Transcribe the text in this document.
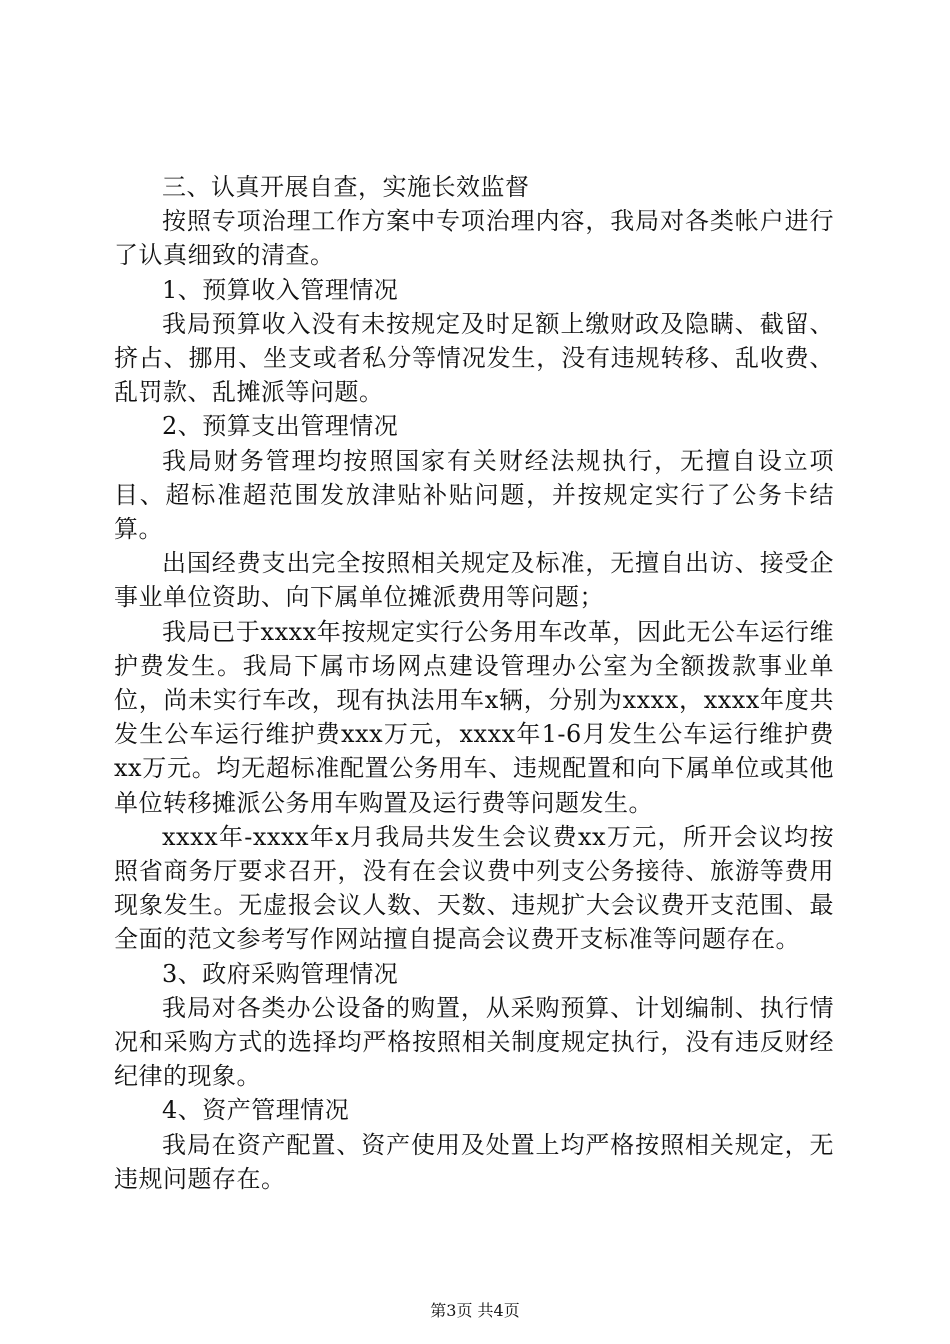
三、认真开展自查，实施长效监督

按照专项治理工作方案中专项治理内容，我局对各类帐户进行了认真细致的清查。

1、预算收入管理情况

我局预算收入没有未按规定及时足额上缴财政及隐瞒、截留、挤占、挪用、坐支或者私分等情况发生，没有违规转移、乱收费、乱罚款、乱摊派等问题。

2、预算支出管理情况

我局财务管理均按照国家有关财经法规执行，无擅自设立项目、超标准超范围发放津贴补贴问题，并按规定实行了公务卡结算。

出国经费支出完全按照相关规定及标准，无擅自出访、接受企事业单位资助、向下属单位摊派费用等问题；

我局已于xxxx年按规定实行公务用车改革，因此无公车运行维护费发生。我局下属市场网点建设管理办公室为全额拨款事业单位，尚未实行车改，现有执法用车x辆，分别为xxxx，xxxx年度共发生公车运行维护费xxx万元，xxxx年1-6月发生公车运行维护费xx万元。均无超标准配置公务用车、违规配置和向下属单位或其他单位转移摊派公务用车购置及运行费等问题发生。

xxxx年-xxxx年x月我局共发生会议费xx万元，所开会议均按照省商务厅要求召开，没有在会议费中列支公务接待、旅游等费用现象发生。无虚报会议人数、天数、违规扩大会议费开支范围、最全面的范文参考写作网站擅自提高会议费开支标准等问题存在。

3、政府采购管理情况

我局对各类办公设备的购置，从采购预算、计划编制、执行情况和采购方式的选择均严格按照相关制度规定执行，没有违反财经纪律的现象。

4、资产管理情况

我局在资产配置、资产使用及处置上均严格按照相关规定，无违规问题存在。

第3页 共4页
